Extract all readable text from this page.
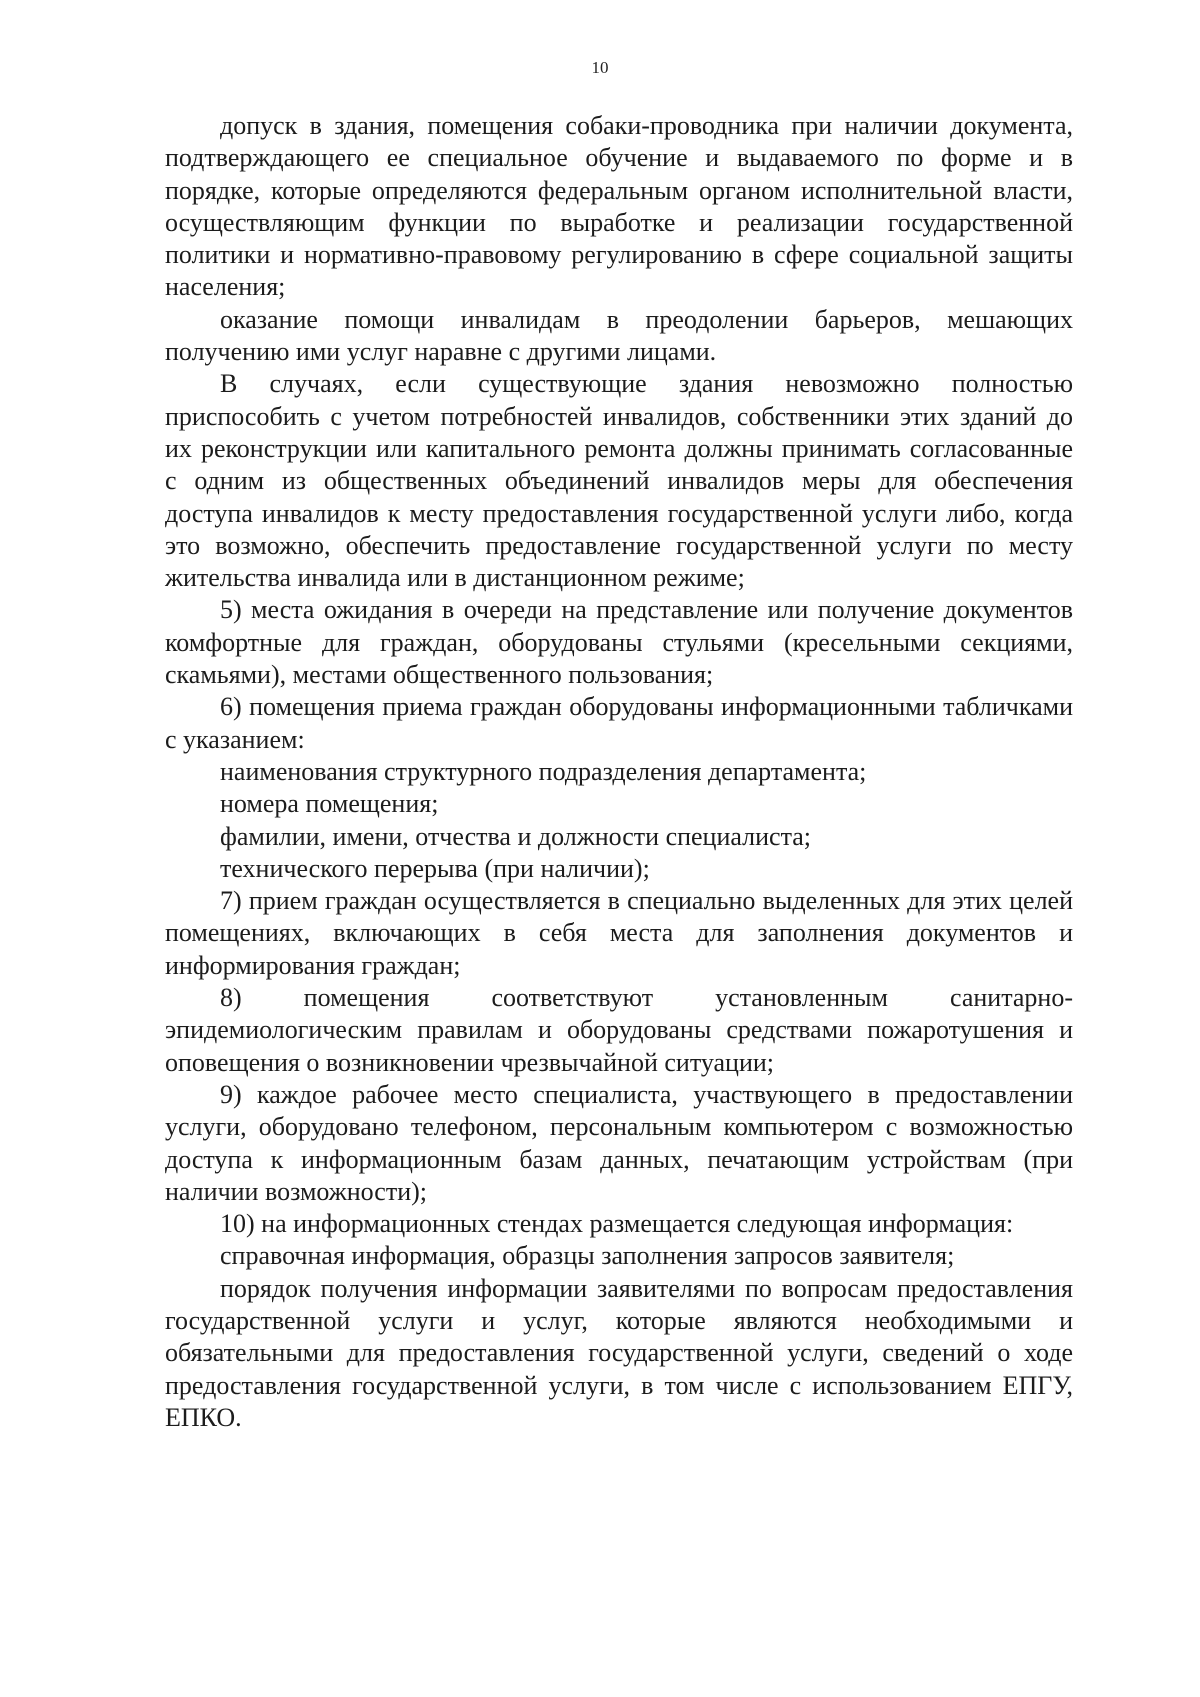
10

допуск в здания, помещения собаки-проводника при наличии документа, подтверждающего ее специальное обучение и выдаваемого по форме и в порядке, которые определяются федеральным органом исполнительной власти, осуществляющим функции по выработке и реализации государственной политики и нормативно-правовому регулированию в сфере социальной защиты населения;

оказание помощи инвалидам в преодолении барьеров, мешающих получению ими услуг наравне с другими лицами.

В случаях, если существующие здания невозможно полностью приспособить с учетом потребностей инвалидов, собственники этих зданий до их реконструкции или капитального ремонта должны принимать согласованные с одним из общественных объединений инвалидов меры для обеспечения доступа инвалидов к месту предоставления государственной услуги либо, когда это возможно, обеспечить предоставление государственной услуги по месту жительства инвалида или в дистанционном режиме;

5) места ожидания в очереди на представление или получение документов комфортные для граждан, оборудованы стульями (кресельными секциями, скамьями), местами общественного пользования;

6) помещения приема граждан оборудованы информационными табличками с указанием:

наименования структурного подразделения департамента;

номера помещения;

фамилии, имени, отчества и должности специалиста;

технического перерыва (при наличии);

7) прием граждан осуществляется в специально выделенных для этих целей помещениях, включающих в себя места для заполнения документов и информирования граждан;

8) помещения соответствуют установленным санитарно-эпидемиологическим правилам и оборудованы средствами пожаротушения и оповещения о возникновении чрезвычайной ситуации;

9) каждое рабочее место специалиста, участвующего в предоставлении услуги, оборудовано телефоном, персональным компьютером с возможностью доступа к информационным базам данных, печатающим устройствам (при наличии возможности);

10) на информационных стендах размещается следующая информация:

справочная информация, образцы заполнения запросов заявителя;

порядок получения информации заявителями по вопросам предоставления государственной услуги и услуг, которые являются необходимыми и обязательными для предоставления государственной услуги, сведений о ходе предоставления государственной услуги, в том числе с использованием ЕПГУ, ЕПКО.
